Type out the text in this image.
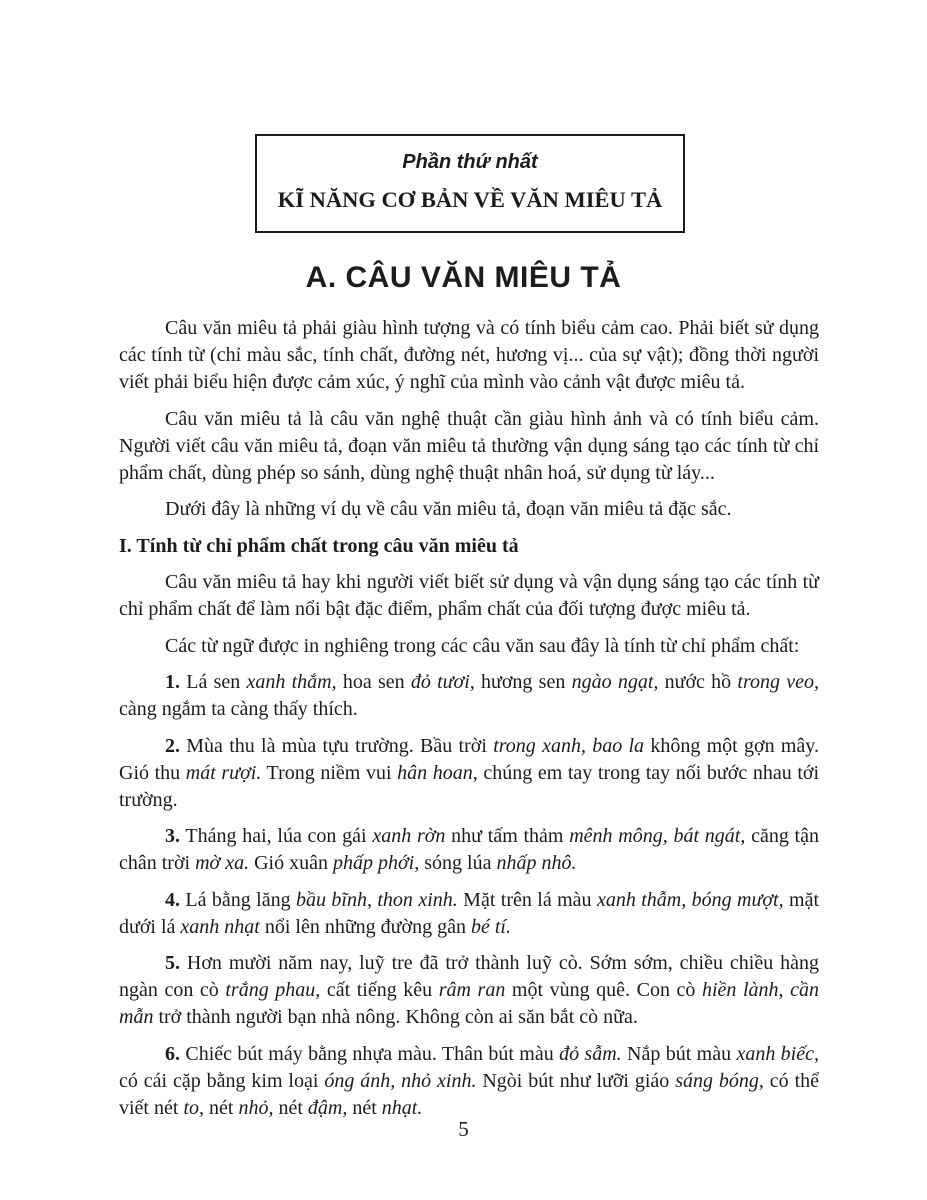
Phần thứ nhất
KĨ NĂNG CƠ BẢN VỀ VĂN MIÊU TẢ
A. CÂU VĂN MIÊU TẢ

Câu văn miêu tả phải giàu hình tượng và có tính biểu cảm cao. Phải biết sử dụng các tính từ (chỉ màu sắc, tính chất, đường nét, hương vị... của sự vật); đồng thời người viết phải biểu hiện được cảm xúc, ý nghĩ của mình vào cảnh vật được miêu tả.

Câu văn miêu tả là câu văn nghệ thuật cần giàu hình ảnh và có tính biểu cảm. Người viết câu văn miêu tả, đoạn văn miêu tả thường vận dụng sáng tạo các tính từ chỉ phẩm chất, dùng phép so sánh, dùng nghệ thuật nhân hoá, sử dụng từ láy...

Dưới đây là những ví dụ về câu văn miêu tả, đoạn văn miêu tả đặc sắc.

I. Tính từ chỉ phẩm chất trong câu văn miêu tả

Câu văn miêu tả hay khi người viết biết sử dụng và vận dụng sáng tạo các tính từ chỉ phẩm chất để làm nổi bật đặc điểm, phẩm chất của đối tượng được miêu tả.

Các từ ngữ được in nghiêng trong các câu văn sau đây là tính từ chỉ phẩm chất:

1. Lá sen xanh thắm, hoa sen đỏ tươi, hương sen ngào ngạt, nước hồ trong veo, càng ngắm ta càng thấy thích.

2. Mùa thu là mùa tựu trường. Bầu trời trong xanh, bao la không một gợn mây. Gió thu mát rượi. Trong niềm vui hân hoan, chúng em tay trong tay nối bước nhau tới trường.

3. Tháng hai, lúa con gái xanh rờn như tấm thảm mênh mông, bát ngát, căng tận chân trời mờ xa. Gió xuân phấp phới, sóng lúa nhấp nhô.

4. Lá bằng lăng bầu bĩnh, thon xinh. Mặt trên lá màu xanh thẫm, bóng mượt, mặt dưới lá xanh nhạt nổi lên những đường gân bé tí.

5. Hơn mười năm nay, luỹ tre đã trở thành luỹ cò. Sớm sớm, chiều chiều hàng ngàn con cò trắng phau, cất tiếng kêu râm ran một vùng quê. Con cò hiền lành, cần mẫn trở thành người bạn nhà nông. Không còn ai săn bắt cò nữa.

6. Chiếc bút máy bằng nhựa màu. Thân bút màu đỏ sẫm. Nắp bút màu xanh biếc, có cái cặp bằng kim loại óng ánh, nhỏ xinh. Ngòi bút như lưỡi giáo sáng bóng, có thể viết nét to, nét nhỏ, nét đậm, nét nhạt.

5
